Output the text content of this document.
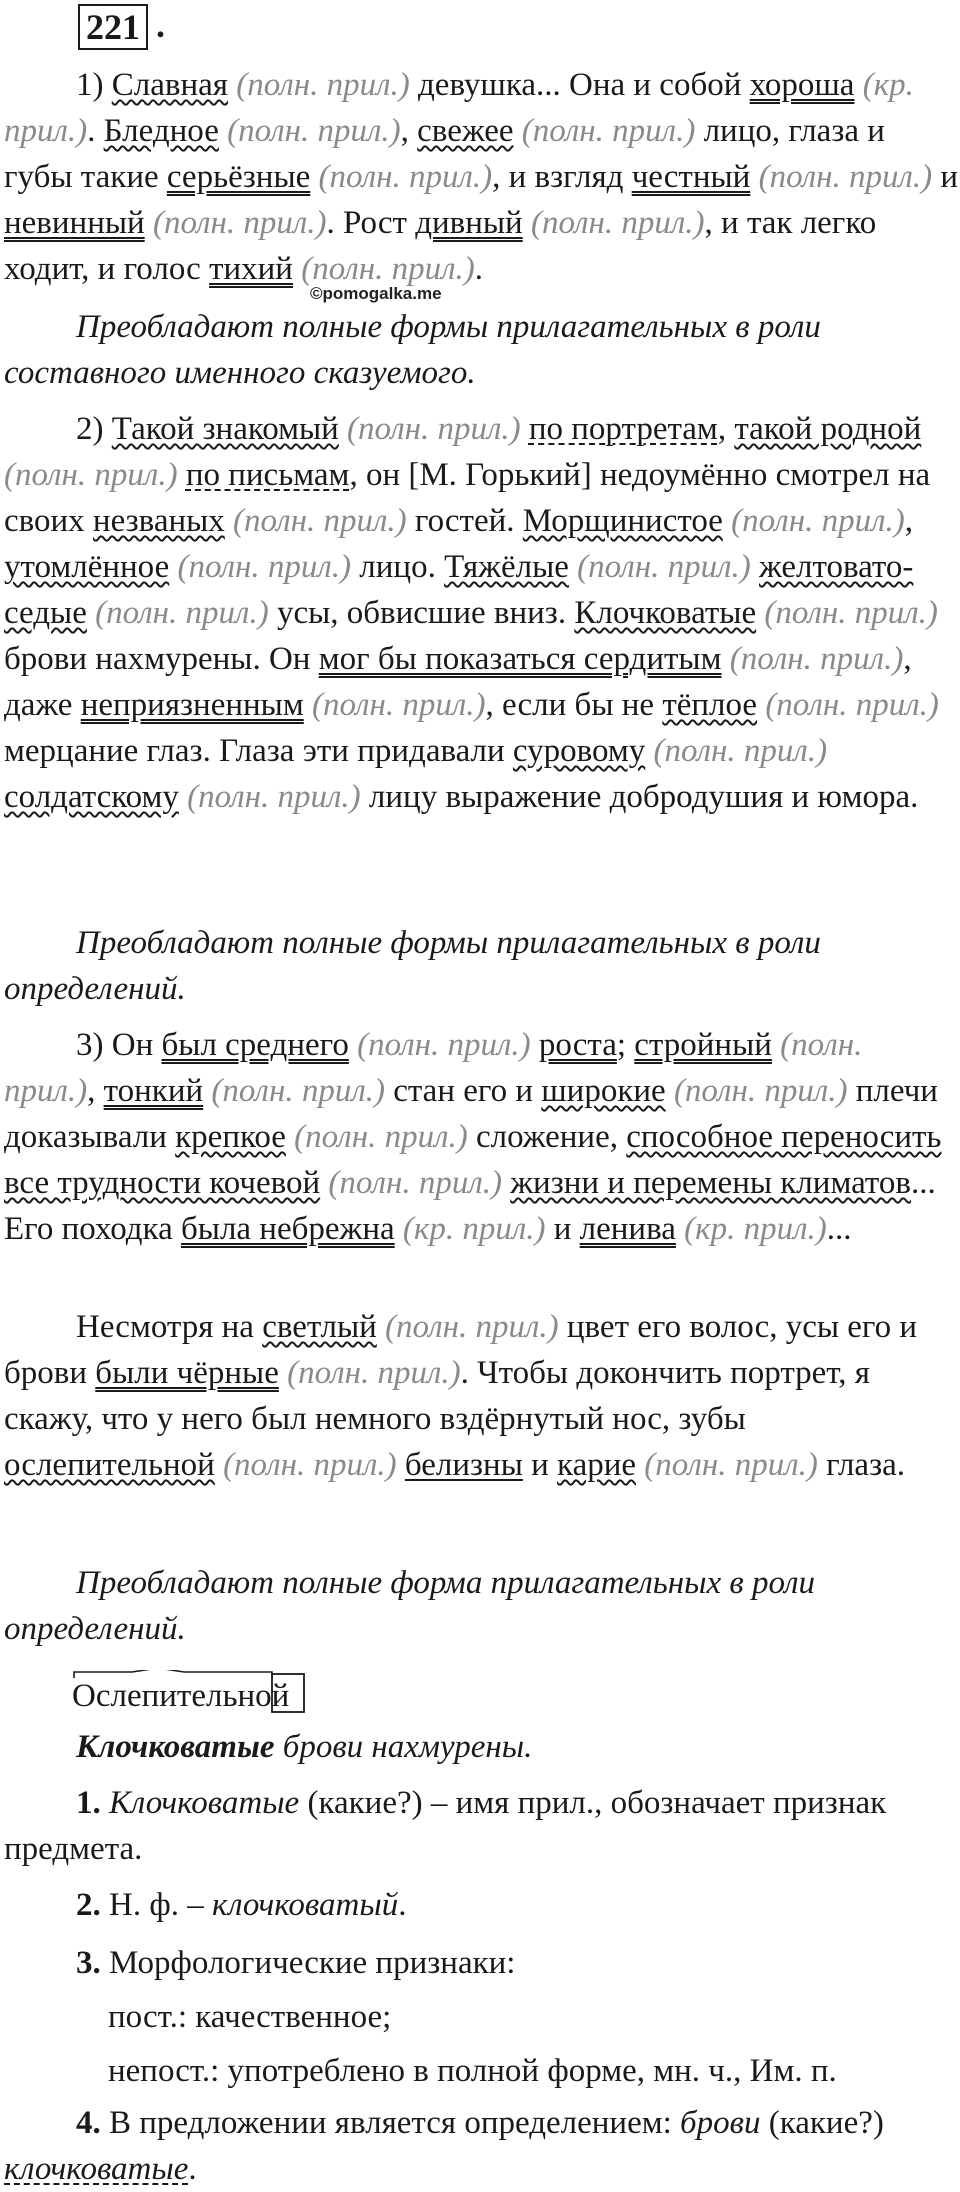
221 .

1) Славная (полн. прил.) девушка... Она и собой хороша (кр. прил.). Бледное (полн. прил.), свежее (полн. прил.) лицо, глаза и губы такие серьёзные (полн. прил.), и взгляд честный (полн. прил.) и невинный (полн. прил.). Рост дивный (полн. прил.), и так легко ходит, и голос тихий (полн. прил.).

©pomogalka.me

Преобладают полные формы прилагательных в роли составного именного сказуемого.

2) Такой знакомый (полн. прил.) по портретам, такой родной (полн. прил.) по письмам, он [М. Горький] недоумённо смотрел на своих незваных (полн. прил.) гостей. Морщинистое (полн. прил.), утомлённое (полн. прил.) лицо. Тяжёлые (полн. прил.) желтовато-седые (полн. прил.) усы, обвисшие вниз. Клочковатые (полн. прил.) брови нахмурены. Он мог бы показаться сердитым (полн. прил.), даже неприязненным (полн. прил.), если бы не тёплое (полн. прил.) мерцание глаз. Глаза эти придавали суровому (полн. прил.) солдатскому (полн. прил.) лицу выражение добродушия и юмора.

Преобладают полные формы прилагательных в роли определений.

3) Он был среднего (полн. прил.) роста; стройный (полн. прил.), тонкий (полн. прил.) стан его и широкие (полн. прил.) плечи доказывали крепкое (полн. прил.) сложение, способное переносить все трудности кочевой (полн. прил.) жизни и перемены климатов... Его походка была небрежна (кр. прил.) и ленива (кр. прил.)...

Несмотря на светлый (полн. прил.) цвет его волос, усы его и брови были чёрные (полн. прил.). Чтобы докончить портрет, я скажу, что у него был немного вздёрнутый нос, зубы ослепительной (полн. прил.) белизны и карие (полн. прил.) глаза.

Преобладают полные форма прилагательных в роли определений.

Ослепительной

Клочковатые брови нахмурены.

1. Клочковатые (какие?) – имя прил., обозначает признак предмета.

2. Н. ф. – клочковатый.

3. Морфологические признаки:

пост.: качественное;

непост.: употреблено в полной форме, мн. ч., Им. п.

4. В предложении является определением: брови (какие?) клочковатые.
